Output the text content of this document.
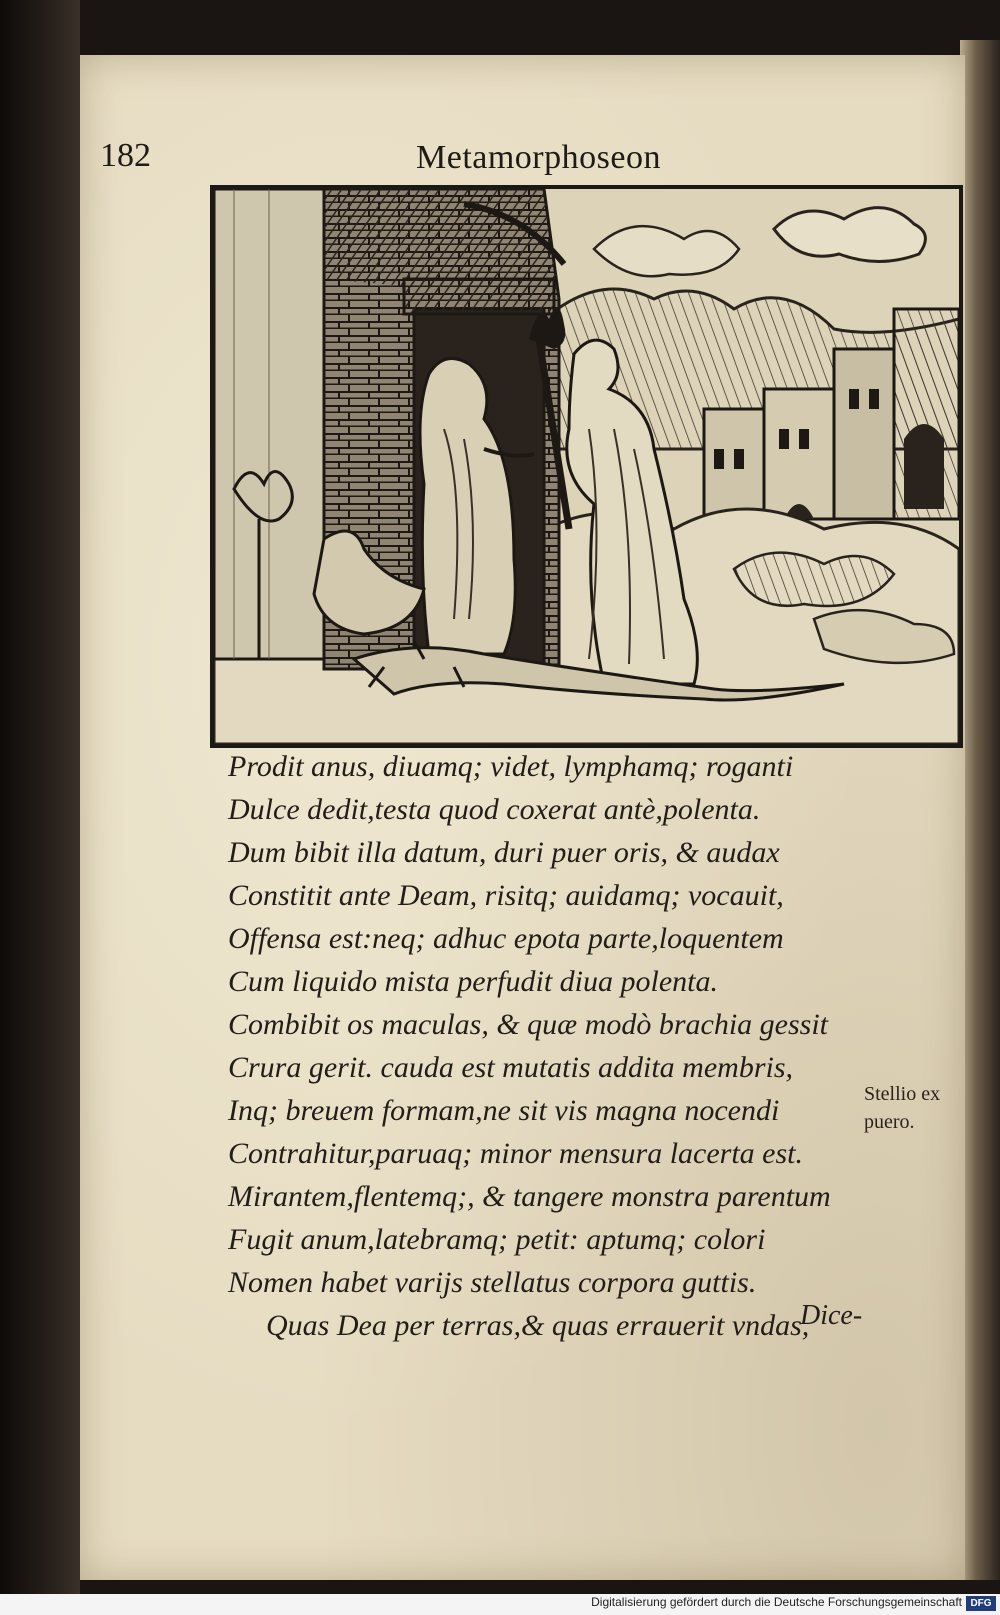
182	Metamorphoseon
Prodit anus, diuamq; videt, lymphamq; roganti
Dulce dedit,testa quod coxerat antè,polenta.
Dum bibit illa datum, duri puer oris, & audax
Constitit ante Deam, risitq; auidamq; vocauit,
Offensa est:neq; adhuc epota parte,loquentem
Cum liquido mista perfudit diua polenta.
Combibit os maculas, & quæ modò brachia gessit
Crura gerit. cauda est mutatis addita membris,
Inq; breuem formam,ne sit vis magna nocendi
Contrahitur,paruaq; minor mensura lacerta est.
Mirantem,flentemq;, & tangere monstra parentum
Fugit anum,latebramq; petit: aptumq; colori
Nomen habet varijs stellatus corpora guttis.
Quas Dea per terras,& quas errauerit vndas,
Stellio ex
puero.
Dice-
Digitalisierung gefördert durch die Deutsche Forschungsgemeinschaft DFG
